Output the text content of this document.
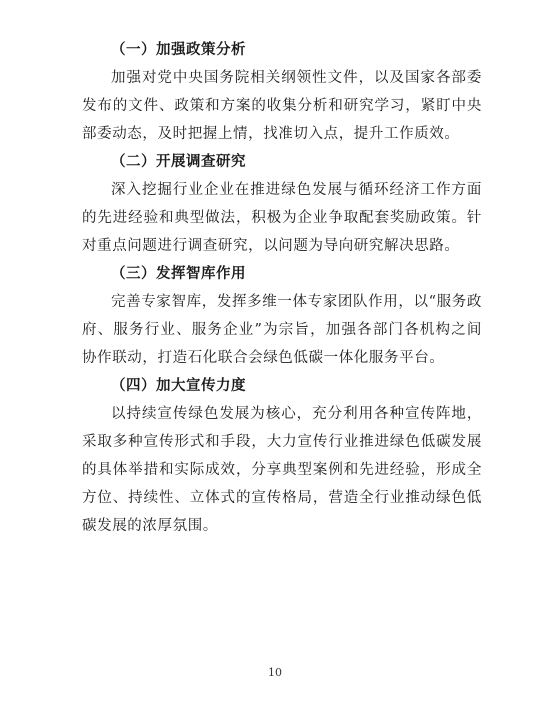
（一）加强政策分析

加强对党中央国务院相关纲领性文件，以及国家各部委发布的文件、政策和方案的收集分析和研究学习，紧盯中央部委动态，及时把握上情，找准切入点，提升工作质效。

（二）开展调查研究

深入挖掘行业企业在推进绿色发展与循环经济工作方面的先进经验和典型做法，积极为企业争取配套奖励政策。针对重点问题进行调查研究，以问题为导向研究解决思路。

（三）发挥智库作用

完善专家智库，发挥多维一体专家团队作用，以“服务政府、服务行业、服务企业”为宗旨，加强各部门各机构之间协作联动，打造石化联合会绿色低碳一体化服务平台。

（四）加大宣传力度

以持续宣传绿色发展为核心，充分利用各种宣传阵地，采取多种宣传形式和手段，大力宣传行业推进绿色低碳发展的具体举措和实际成效，分享典型案例和先进经验，形成全方位、持续性、立体式的宣传格局，营造全行业推动绿色低碳发展的浓厚氛围。

10
